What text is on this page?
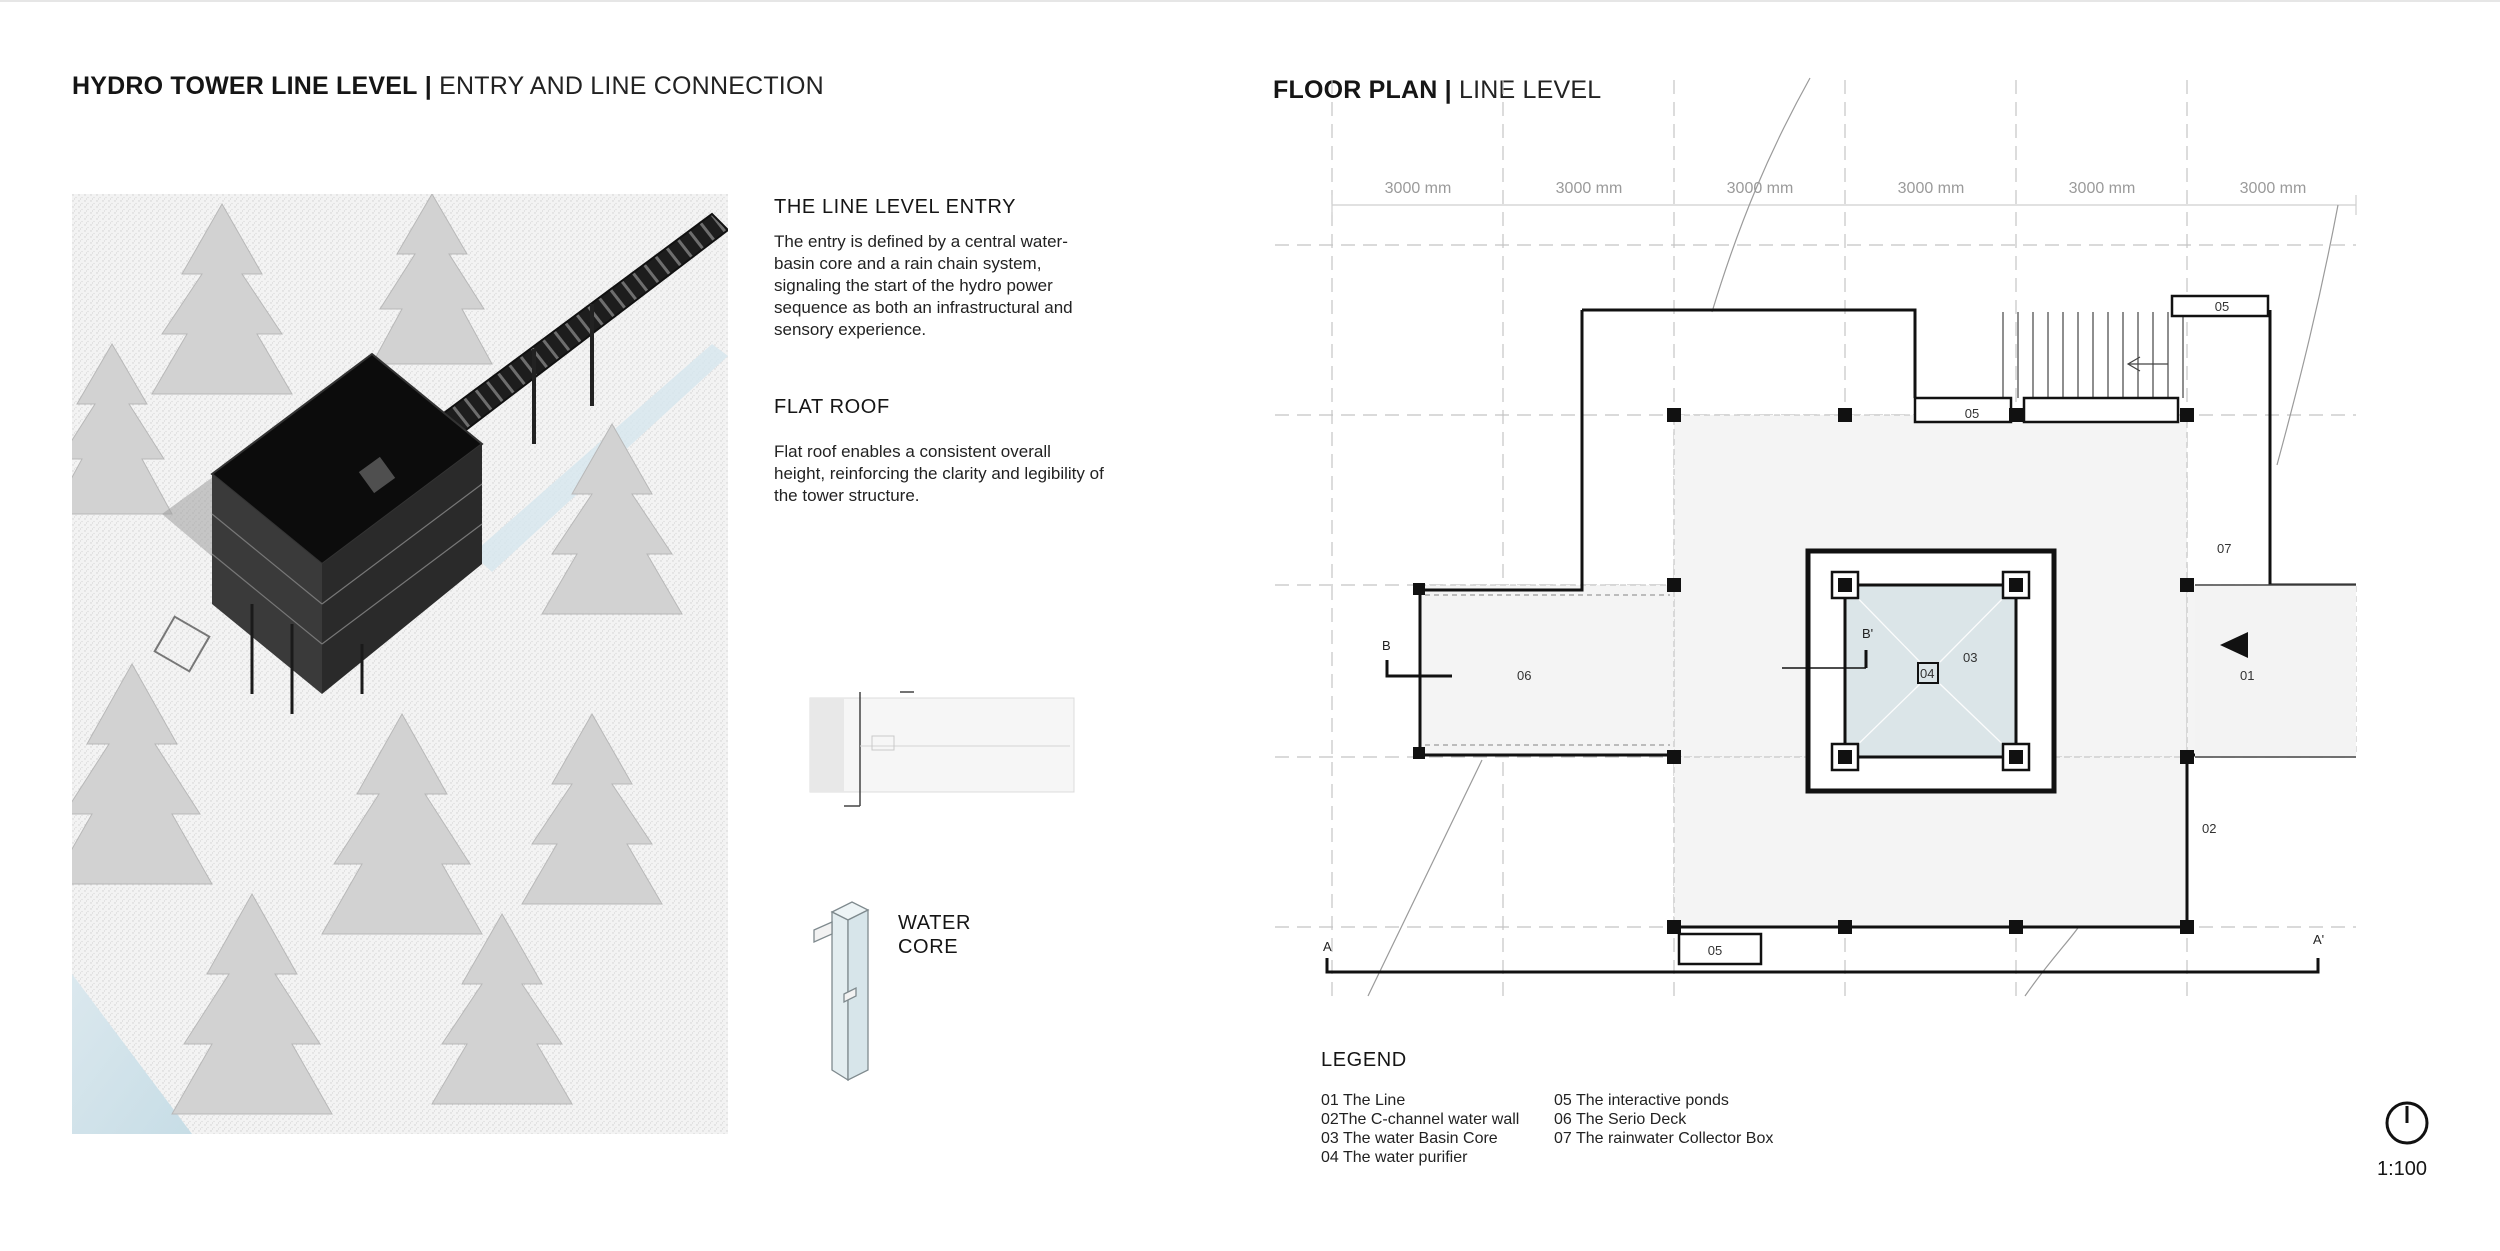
HYDRO TOWER LINE LEVEL | ENTRY AND LINE CONNECTION
THE LINE LEVEL ENTRY

The entry is defined by a central water-basin core and a rain chain system, signaling the start of the hydro power sequence as both an infrastructural and sensory experience.

FLAT ROOF

Flat roof enables a consistent overall height, reinforcing the clarity and legibility of the tower structure.

WATER
CORE
FLOOR PLAN | LINE LEVEL
3000 mm	3000 mm	3000 mm	3000 mm	3000 mm	3000 mm
05
05
05
A	A'
B
B'
01
02
03
04
06
07
LEGEND
01 The Line
02The C-channel water wall
03 The water Basin Core
04 The water purifier
05 The interactive ponds
06 The Serio Deck
07 The rainwater Collector Box
1:100
